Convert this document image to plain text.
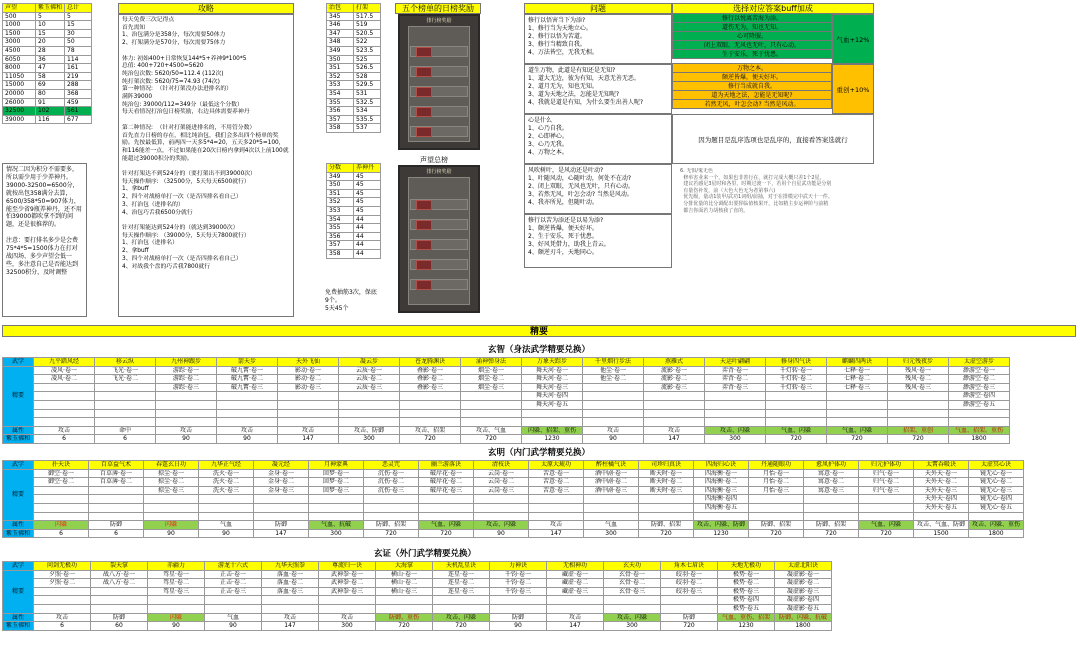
声望	紫玉佛和	总计
500	5	5
1000	10	15
1500	15	30
3000	20	50
4500	28	78
6050	36	114
8000	47	161
11050	58	219
15000	69	288
20000	80	368
26000	91	459
32500	102	561
39000	116	677
情况二因为积分不需要多，所以需少用于少养神丹。39000-32500=6500分，就按出包358满分去算，6500/358*50=907体力，能至少省9瓶养神丹，还不用怕39000都吹拿不到的问题，还是很推荐的。

注意：要打排名多少是会费75*4*5=1500体力在打对战四场、多少声望会低一些，多注意自己是否能达到32500积分，及时调整
攻略
每天免费三次记得点
首先需知
1、治包满分是358分，每次需要50体力
2、打架满分是570分，每次需要75体力

体力: 初始400+日常恢复144*5+养神9*100*5
总值: 400+720+4500=5620
纯治包次数: 5620/50=112.4 (112次)
纯打架次数: 5620/75=74.93 (74次)
第一种情况:  （针对打架没办法进排名的）
满阵39000
纯治包: 39000/112=349分（最低这个分数）
每天看情况打治包日榜奖励，右边具体需要养神丹

第二种情况:  （针对打架能进排名的，不用管分数）
首先直力日榜的存在，相比纯治包，我们会多出四个榜单的奖励。先按最低算，前两四一天多5*4=20，五天多20*5=100，和116能差一点，不过如果能在20次日榜内拿到4次以上前100就能超过39000积分的奖励。

针对打架达不到524分的（要打架出不到39000次）
每天操作顺序: （32500分，5天每天6500就行）
1、拿buff
2、四个对战榜单打一次（是否四排名看自己）
3、打治包（进排名的）
4、治包巧舌我6500分就行

针对打架能达到524分的（就达到39000次）
每天操作顺序: （39000分，5天每天7800就行）
1、打治包（进排名）
2、拿buff
3、四个对战榜单打一次（是否四排名看自己）
4、对战我个盘的巧舌我7800就行
治包	打架
345	517.5
346	519
347	520.5
348	522
349	523.5
350	525
351	526.5
352	528
353	529.5
354	531
355	532.5
356	534
357	535.5
358	537
分数	养神丹
349	45
350	45
351	45
352	45
353	45
354	44
355	44
356	44
357	44
358	44
免费抽筋3次，保底9个。
5天45个
五个榜单的日榜奖励
排行榜奖励
声望总榜
排行榜奖励
问题	选择对应答案buff加成
修行以悟害当下为添?
1、修行当为天地立心。
2、修行以悟为苦道。
3、修行当精致自我。
4、万法皆空，无我无相。
修行以悦离苦海为添。
道伤无为，知也无知。
心可降服。
闭上双眼，无风也无叶，只有心动。
生于安乐，死于忧患。
气血+12%
道生万物，此道是有知还是无知?
1、道大无边，彼为有知，天意无善无恶。
2、道月无为，知也无知。
3、道为天地之法，怎能是无知呢?
4、我就是道是有知，为什么要生出善人呢?
万物之本。
颇逆皆爆，便天好坏。
修行当成就自我。
道为天地之法，怎能是无知呢?
若然无风，叶怎会动? 当然是风动。
重创+10%
心是什么
1、心乃自我。
2、心即禅心。
3、心乃无我。
4、万物之本。
风吹树叶，是风动还是叶动?
1、叶随风动，心随叶动，何处不在动?
2、闭上双眼，无风也无叶，只有心动。
3、若然无风，叶怎会动? 当然是风动。
4、我亦所见，但随叶动。
修行以苦为添还是以易为添?
1、颇逆皆爆，便天好坏。
2、生于安乐，死于忧患。
3、好风凭借力，助我上青云。
4、颇逆刃斗，天地同心。
因为题目是乱序选项也是乱序的，直接看答案选就行
6. 无惧/鬼无色
修举害业来一个，如果也非善行在，就打完成大概只差1个2星。
建议若感足3星时和各里，时期过渡一下，若用个自星武功能是分别
有量伤补发，前（大色大色无为者第事六)
优先级，量动1装甲/武功1词组/前抽，对于在排模完中武天十一件。
分排优量的比分调配出要挥临值核果开，比如精主步运神阶与前精
都吉你面若力胡核我了直的。
精要
玄智（身法武学精要兑换）
武学	九平踏风经	移云纵	九州神跟步	箭天步	天外飞仙	凝云步	苍龙腾渊诀	涌神弹身法	万象天踪步	千里烟行步法	燕雁式	天运叶翩翩	修身四气诀	麒麟四两诀	归元残夜步	太虚空游步
精要	凌风·卷一	飞光·卷一	游踪·卷一	破九霄·卷一	影动·卷一	云质·卷一	叠影·卷一	烟尘·卷一	舞天河·卷一	他尘·卷一	流影·卷一	弈背·卷一	千灯转·卷一	七释·卷一	残风·卷一	渺游空·卷一
	凌风·卷二	飞光·卷二	游踪·卷二	破九霄·卷二	影动·卷二	云质·卷二	叠影·卷二	烟尘·卷二	舞天河·卷二	他尘·卷二	流影·卷二	弈背·卷二	千灯转·卷二	七释·卷二	残风·卷二	渺游空·卷二
			游踪·卷三	破九霄·卷三	影动·卷三	云质·卷三	叠影·卷三	烟尘·卷三	舞天河·卷三		流影·卷三	弈背·卷三	千灯转·卷三	七释·卷三	残风·卷三	渺游空·卷三
									舞天河·卷四							渺游空·卷四
									舞天河·卷五							渺游空·卷五

属性	攻击	命中	攻击	攻击	攻击	攻击、防御	攻击、招架	攻击、气血	闪躲、招架、重伤	攻击	攻击	攻击、闪躲	气血、闪躲	气血、闪躲	招架、重创	气血、招架、重伤
紫玉佛和	6	6	90	90	147	300	720	720	1230	90	147	300	720	720	720	1800
玄明（内门武学精要兑换）
武学	扑天诀	百草益气术	春霆玄日功	九华正气经	凝元经	月神蒙典	恶灵咒	幽兰游落诀	清枝诀	太原大琉功	醉柱橘气诀	司珍归真诀	四海归心诀	丹通随眼功	愈凤护体功	归元护体功	太霄吞吸诀	太虚冥心诀
精要	御空·卷一	百草薄·卷一	掠尘·卷一	洗火·卷一	金身·卷一	回梦·卷一	沉伤·卷一	破岸花·卷一	云岗·卷一	苦意·卷一	酒中剧·卷一	断天时·卷一	四海衡·卷一	月怡·卷一	寓意·卷一	归气·卷一	天外天·卷一	镜无心·卷一
	御空·卷二	百草薄·卷二	掠尘·卷二	洗火·卷二	金身·卷二	回梦·卷二	沉伤·卷二	破岸花·卷二	云岗·卷二	苦意·卷二	酒中剧·卷二	断天时·卷二	四海衡·卷二	月怡·卷二	寓意·卷二	归气·卷二	天外天·卷二	镜无心·卷二
			掠尘·卷三	洗火·卷三	金身·卷三	回梦·卷三	沉伤·卷三	破岸花·卷三	云岗·卷三	苦意·卷三	酒中剧·卷三	断天时·卷三	四海衡·卷三	月怡·卷三	寓意·卷三	归气·卷三	天外天·卷三	镜无心·卷三
													四海衡·卷四				天外天·卷四	镜无心·卷四
													四海衡·卷五				天外天·卷五	镜无心·卷五

属性	闪躲	防御	闪躲	气血	防御	气血、抗破	防御、招架	气血、闪躲	攻击、闪躲	攻击	气血	防御、招架	攻击、闪躲、防御	防御、招架	防御、招架	气血、闪躲	攻击、气血、防御	攻击、闪躲、重伤
紫玉佛和	6	6	90	90	147	300	720	720	90	147	300	720	1230	720	720	720	1500	1800
玄证（外门武学精要兑换）
武学	问剑无极功	裂天掌	赤疆力	游龙十六式	九华天照拳	尊流归一诀	大海掌	天机乱星诀	力神诀	无相神功	玄天功	角木七眉诀	天地无极功	太虚北阳诀
精要	夕照·卷一	战八方·卷一	驾星·卷一	正击·卷一	落血·卷一	武神拳·卷一	横山·卷一	连星·卷一	千钧·卷一	藏虚·卷一	玄骨·卷一	皎羽·卷一	极势·卷一	凝虚影·卷一
	夕照·卷二	战八方·卷二	驾星·卷二	正击·卷二	落血·卷二	武神拳·卷二	横山·卷二	连星·卷二	千钧·卷二	藏虚·卷二	玄骨·卷二	皎羽·卷二	极势·卷二	凝虚影·卷二
			驾星·卷三	正击·卷三	落血·卷三	武神拳·卷三	横山·卷三	连星·卷三	千钧·卷三	藏虚·卷三	玄骨·卷三	皎羽·卷三	极势·卷三	凝虚影·卷三
													极势·卷四	凝虚影·卷四
													极势·卷五	凝虚影·卷五
属性	攻击	防御	闪躲	气血	攻击	攻击	防御、重伤	攻击、闪躲	防御	攻击	攻击、闪躲	防御	气血、重伤、招架	防御、闪躲、抗破
紫玉佛和	6	60	90	90	147	300	720	720	90	147	300	720	1230	1800
